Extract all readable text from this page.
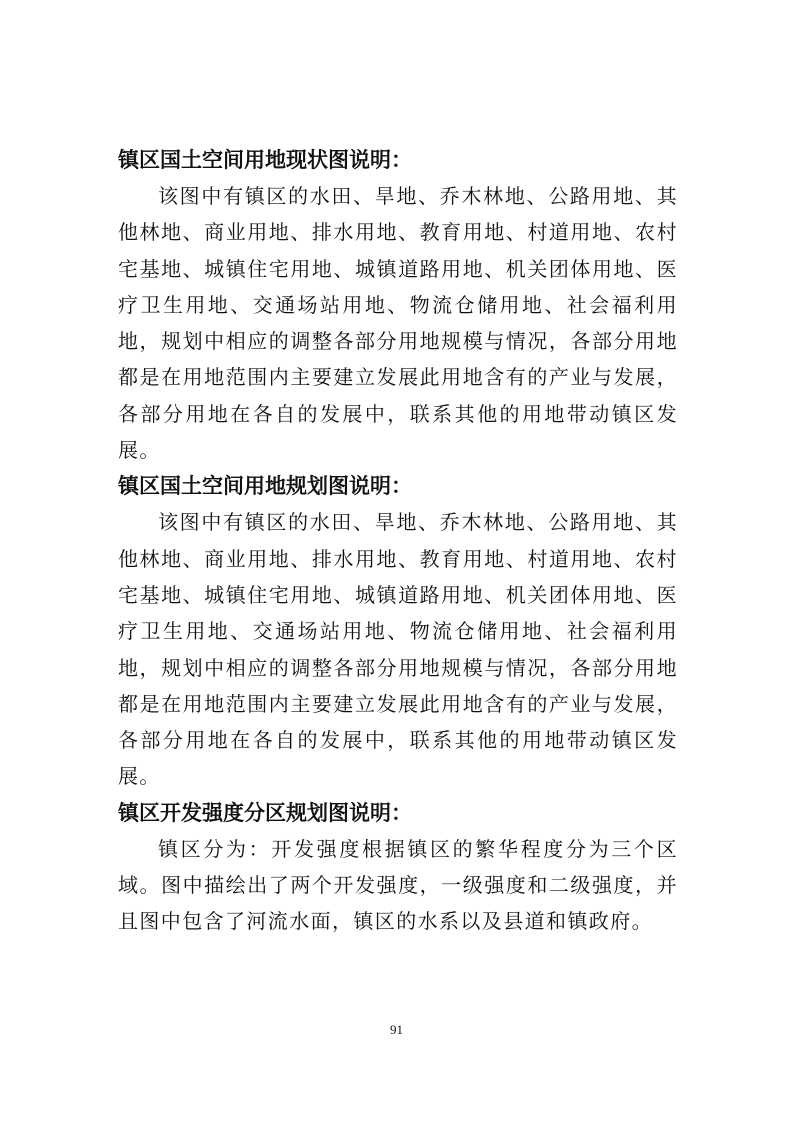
镇区国土空间用地现状图说明：

该图中有镇区的水田、旱地、乔木林地、公路用地、其他林地、商业用地、排水用地、教育用地、村道用地、农村宅基地、城镇住宅用地、城镇道路用地、机关团体用地、医疗卫生用地、交通场站用地、物流仓储用地、社会福利用地，规划中相应的调整各部分用地规模与情况，各部分用地都是在用地范围内主要建立发展此用地含有的产业与发展，各部分用地在各自的发展中，联系其他的用地带动镇区发展。

镇区国土空间用地规划图说明：

该图中有镇区的水田、旱地、乔木林地、公路用地、其他林地、商业用地、排水用地、教育用地、村道用地、农村宅基地、城镇住宅用地、城镇道路用地、机关团体用地、医疗卫生用地、交通场站用地、物流仓储用地、社会福利用地，规划中相应的调整各部分用地规模与情况，各部分用地都是在用地范围内主要建立发展此用地含有的产业与发展，各部分用地在各自的发展中，联系其他的用地带动镇区发展。

镇区开发强度分区规划图说明：

镇区分为：开发强度根据镇区的繁华程度分为三个区域。图中描绘出了两个开发强度，一级强度和二级强度，并且图中包含了河流水面，镇区的水系以及县道和镇政府。

91
